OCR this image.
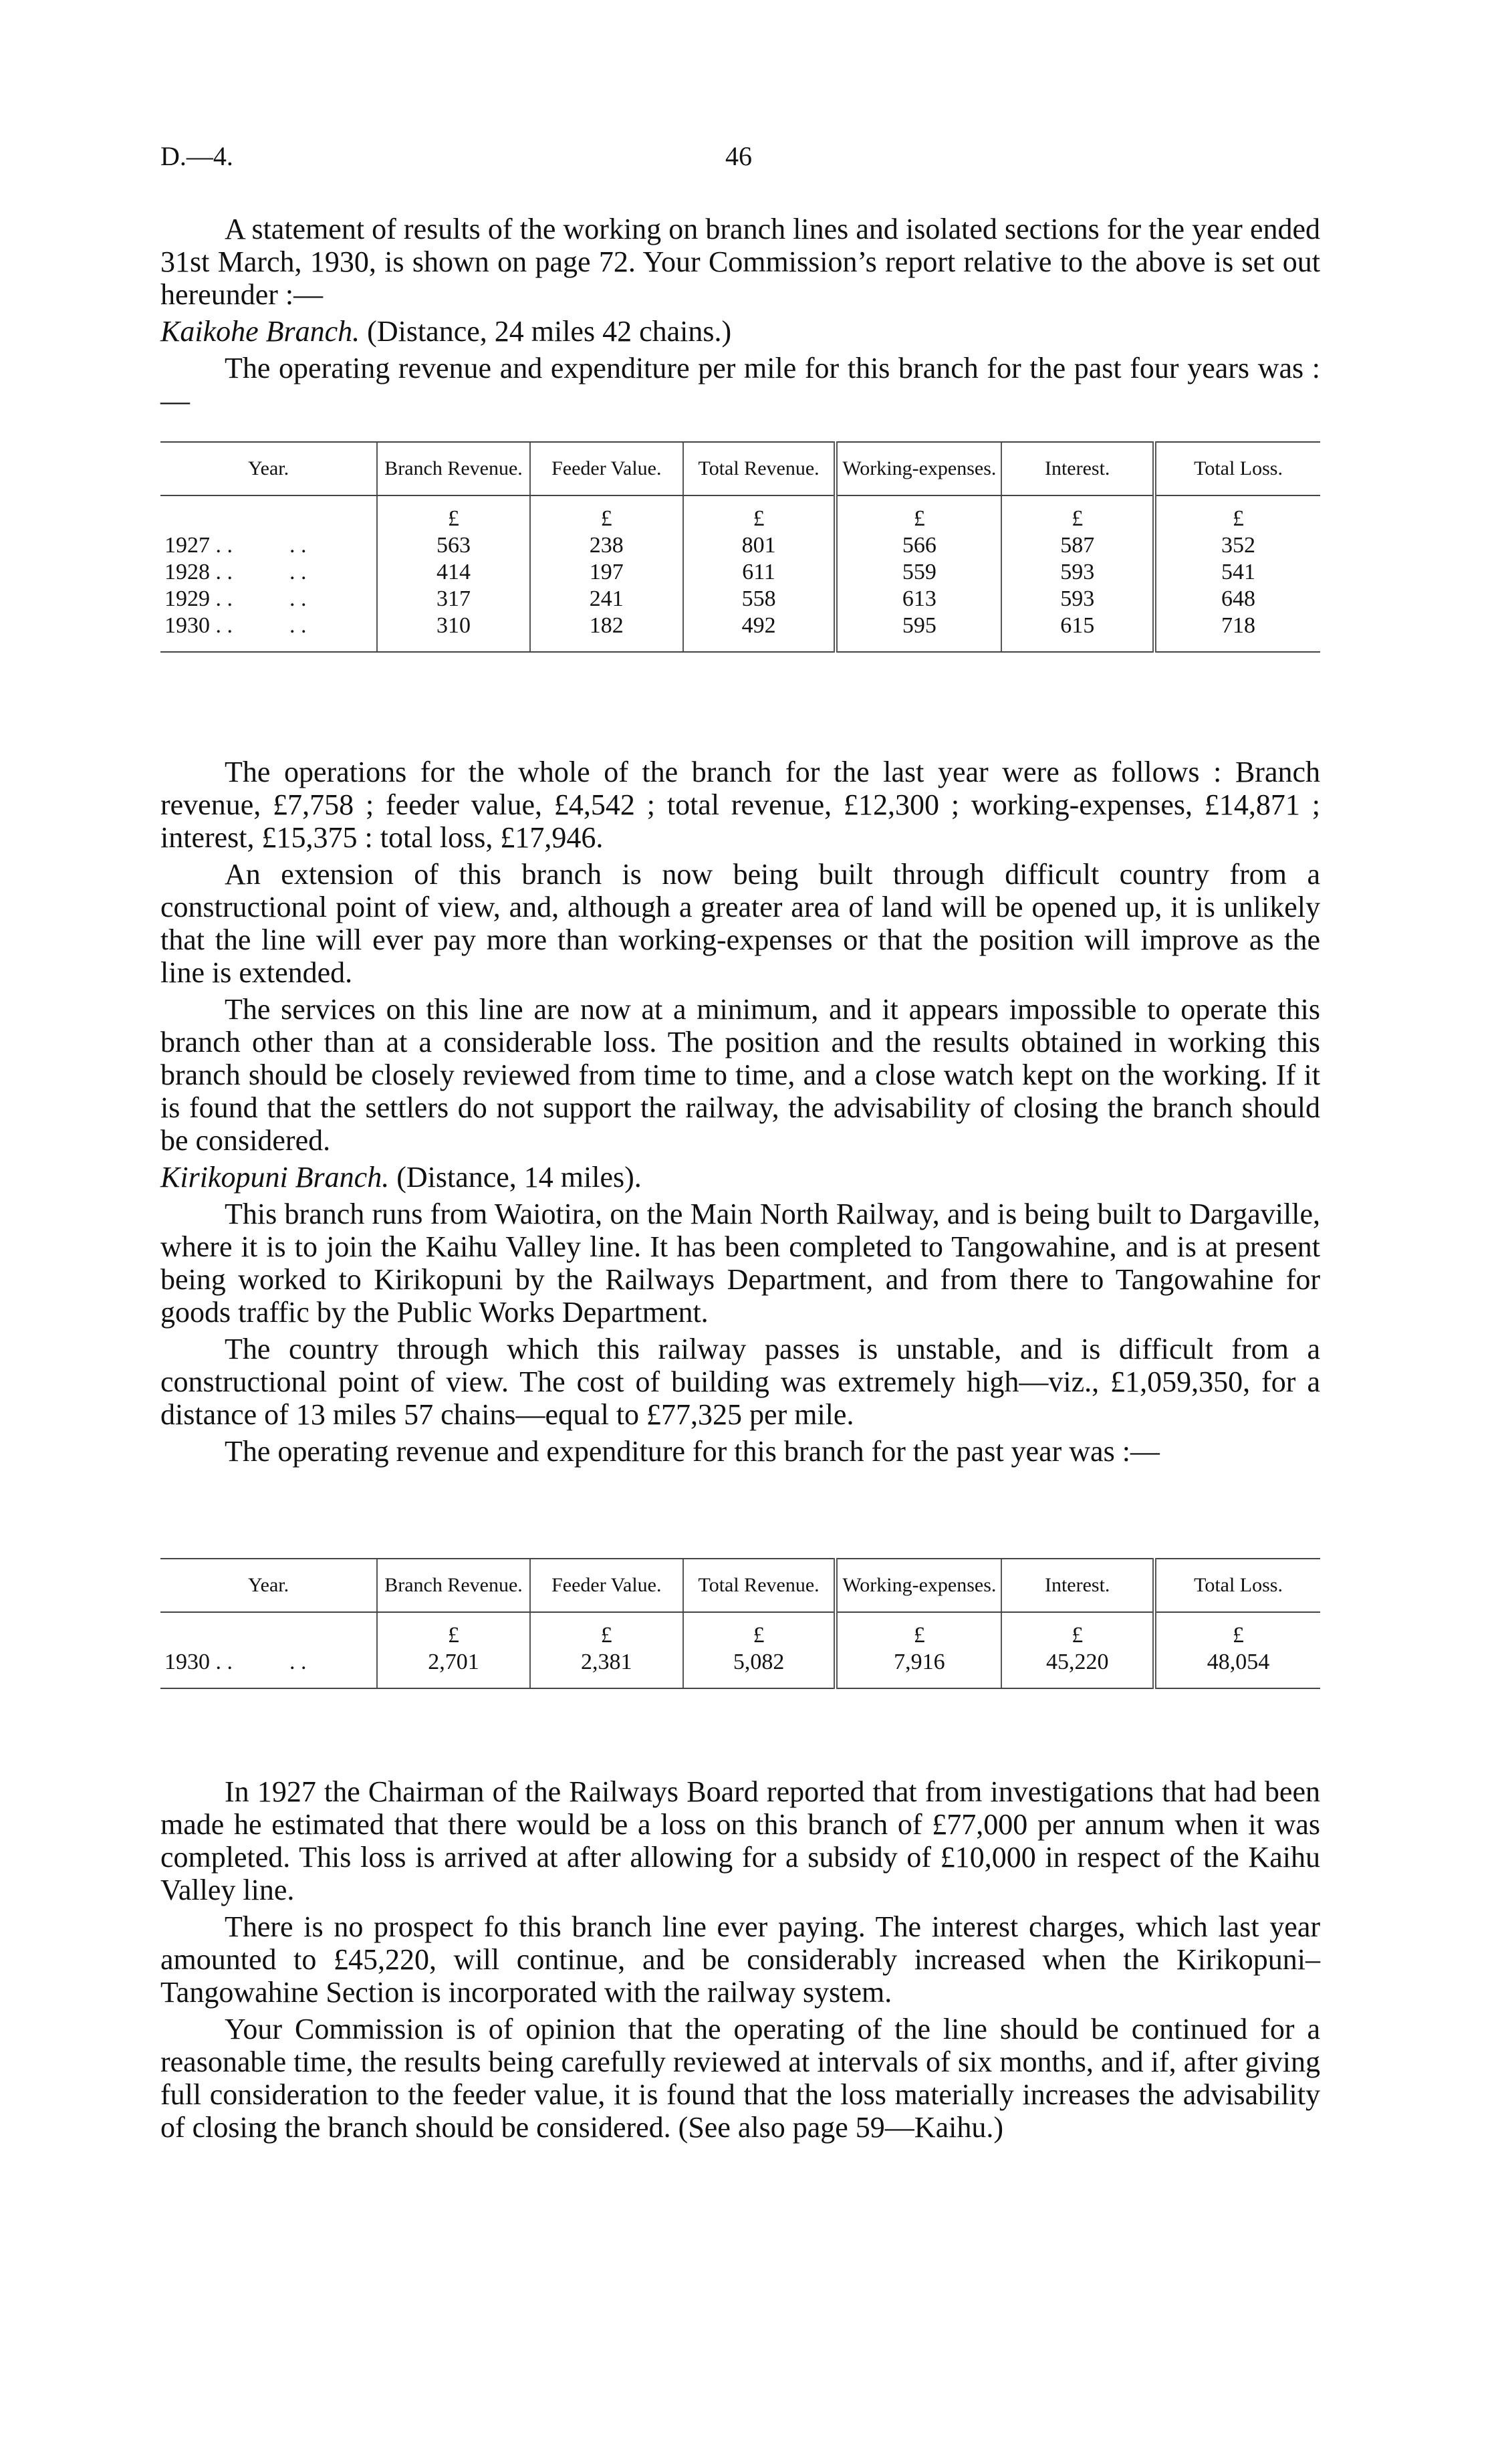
D.—4.	46

A statement of results of the working on branch lines and isolated sections for the year ended 31st March, 1930, is shown on page 72. Your Commission’s report relative to the above is set out hereunder :—

Kaikohe Branch. (Distance, 24 miles 42 chains.)

The operating revenue and expenditure per mile for this branch for the past four years was :—

Year.	Branch Revenue.	Feeder Value.	Total Revenue.	Working-expenses.	Interest.	Total Loss.
	£	£	£	£	£	£
1927 . .          . .	563	238	801	566	587	352
1928 . .          . .	414	197	611	559	593	541
1929 . .          . .	317	241	558	613	593	648
1930 . .          . .	310	182	492	595	615	718

The operations for the whole of the branch for the last year were as follows : Branch revenue, £7,758 ; feeder value, £4,542 ; total revenue, £12,300 ; working-expenses, £14,871 ; interest, £15,375 : total loss, £17,946.

An extension of this branch is now being built through difficult country from a constructional point of view, and, although a greater area of land will be opened up, it is unlikely that the line will ever pay more than working-expenses or that the position will improve as the line is extended.

The services on this line are now at a minimum, and it appears impossible to operate this branch other than at a considerable loss. The position and the results obtained in working this branch should be closely reviewed from time to time, and a close watch kept on the working. If it is found that the settlers do not support the railway, the advisability of closing the branch should be considered.

Kirikopuni Branch. (Distance, 14 miles).

This branch runs from Waiotira, on the Main North Railway, and is being built to Dargaville, where it is to join the Kaihu Valley line. It has been completed to Tangowahine, and is at present being worked to Kirikopuni by the Railways Department, and from there to Tangowahine for goods traffic by the Public Works Department.

The country through which this railway passes is unstable, and is difficult from a constructional point of view. The cost of building was extremely high—viz., £1,059,350, for a distance of 13 miles 57 chains—equal to £77,325 per mile.

The operating revenue and expenditure for this branch for the past year was :—

Year.	Branch Revenue.	Feeder Value.	Total Revenue.	Working-expenses.	Interest.	Total Loss.
	£	£	£	£	£	£
1930 . .          . .	2,701	2,381	5,082	7,916	45,220	48,054

In 1927 the Chairman of the Railways Board reported that from investigations that had been made he estimated that there would be a loss on this branch of £77,000 per annum when it was completed. This loss is arrived at after allowing for a subsidy of £10,000 in respect of the Kaihu Valley line.

There is no prospect fo this branch line ever paying. The interest charges, which last year amounted to £45,220, will continue, and be considerably increased when the Kirikopuni–Tangowahine Section is incorporated with the railway system.

Your Commission is of opinion that the operating of the line should be continued for a reasonable time, the results being carefully reviewed at intervals of six months, and if, after giving full consideration to the feeder value, it is found that the loss materially increases the advisability of closing the branch should be considered. (See also page 59—Kaihu.)
